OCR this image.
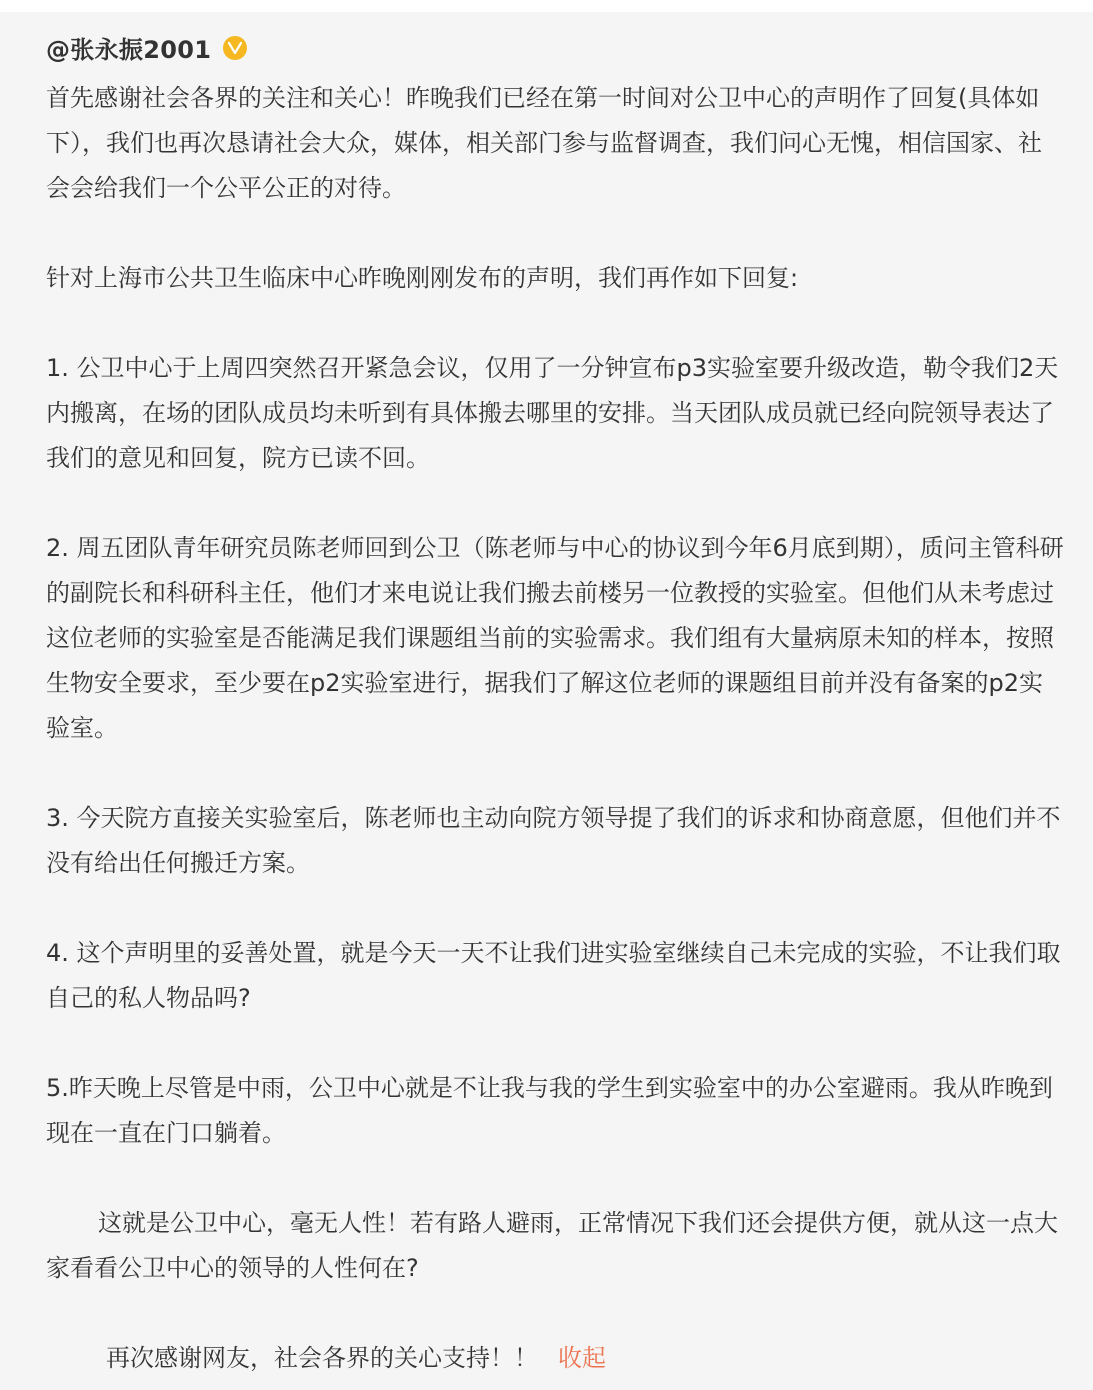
@张永振2001

首先感谢社会各界的关注和关心！昨晚我们已经在第一时间对公卫中心的声明作了回复(具体如下），我们也再次恳请社会大众，媒体，相关部门参与监督调查，我们问心无愧，相信国家、社会会给我们一个公平公正的对待。

针对上海市公共卫生临床中心昨晚刚刚发布的声明，我们再作如下回复:

1. 公卫中心于上周四突然召开紧急会议，仅用了一分钟宣布p3实验室要升级改造，勒令我们2天内搬离，在场的团队成员均未听到有具体搬去哪里的安排。当天团队成员就已经向院领导表达了我们的意见和回复，院方已读不回。

2. 周五团队青年研究员陈老师回到公卫（陈老师与中心的协议到今年6月底到期），质问主管科研的副院长和科研科主任，他们才来电说让我们搬去前楼另一位教授的实验室。但他们从未考虑过这位老师的实验室是否能满足我们课题组当前的实验需求。我们组有大量病原未知的样本，按照生物安全要求，至少要在p2实验室进行，据我们了解这位老师的课题组目前并没有备案的p2实验室。

3. 今天院方直接关实验室后，陈老师也主动向院方领导提了我们的诉求和协商意愿，但他们并不没有给出任何搬迁方案。

4. 这个声明里的妥善处置，就是今天一天不让我们进实验室继续自己未完成的实验，不让我们取自己的私人物品吗?

5.昨天晚上尽管是中雨，公卫中心就是不让我与我的学生到实验室中的办公室避雨。我从昨晚到现在一直在门口躺着。

这就是公卫中心，毫无人性！若有路人避雨，正常情况下我们还会提供方便，就从这一点大家看看公卫中心的领导的人性何在?

再次感谢网友，社会各界的关心支持！！ 收起
